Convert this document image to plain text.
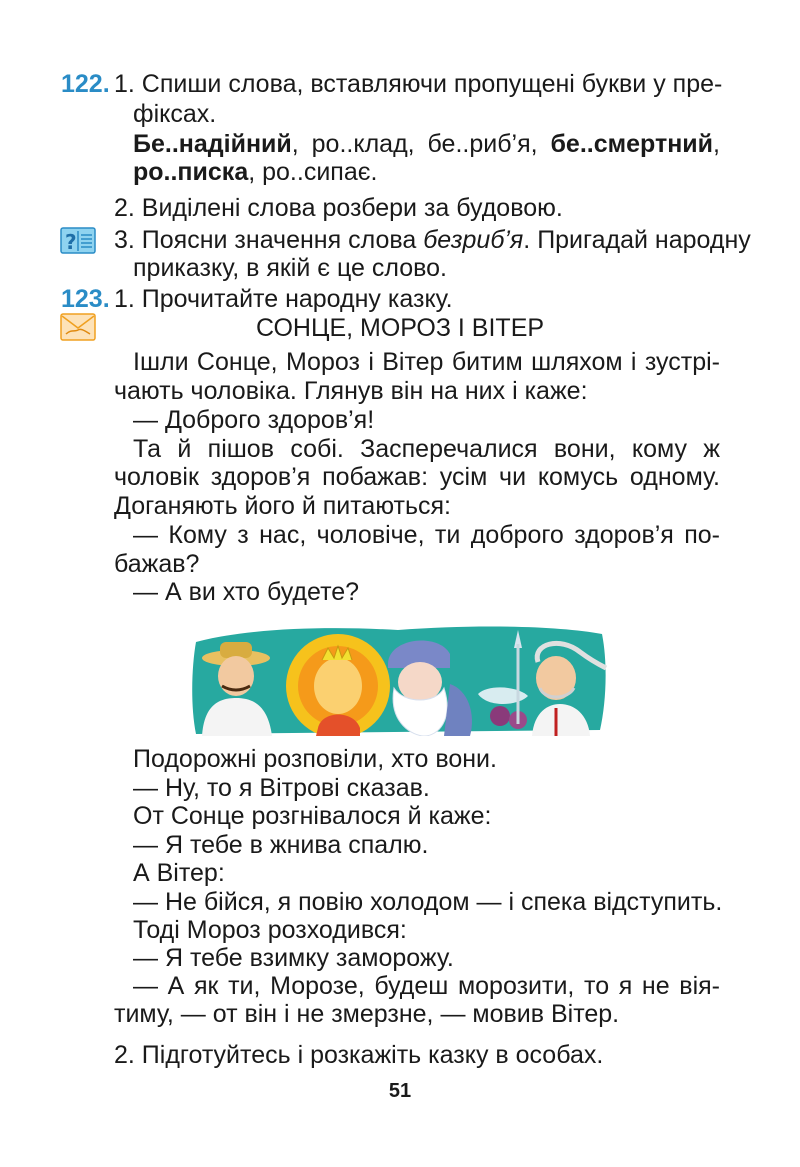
122. 1. Спиши слова, вставляючи пропущені букви у пре-
фіксах.
Бе..надійний, ро..клад, бе..риб’я, бе..смертний,
ро..писка, ро..сипає.
2. Виділені слова розбери за будовою.
? 3. Поясни значення слова безриб’я. Пригадай народну
приказку, в якій є це слово.
123. 1. Прочитайте народну казку.
СОНЦЕ, МОРОЗ І ВІТЕР
Ішли Сонце, Мороз і Вітер битим шляхом і зустрі-
чають чоловіка. Глянув він на них і каже:
— Доброго здоров’я!
Та й пішов собі. Засперечалися вони, кому ж
чоловік здоров’я побажав: усім чи комусь одному.
Доганяють його й питаються:
— Кому з нас, чоловіче, ти доброго здоров’я по-
бажав?
— А ви хто будете?
Подорожні розповіли, хто вони.
— Ну, то я Вітрові сказав.
От Сонце розгнівалося й каже:
— Я тебе в жнива спалю.
А Вітер:
— Не бійся, я повію холодом — і спека відступить.
Тоді Мороз розходився:
— Я тебе взимку заморожу.
— А як ти, Морозе, будеш морозити, то я не вія-
тиму, — от він і не змерзне, — мовив Вітер.
2. Підготуйтесь і розкажіть казку в особах.
51
